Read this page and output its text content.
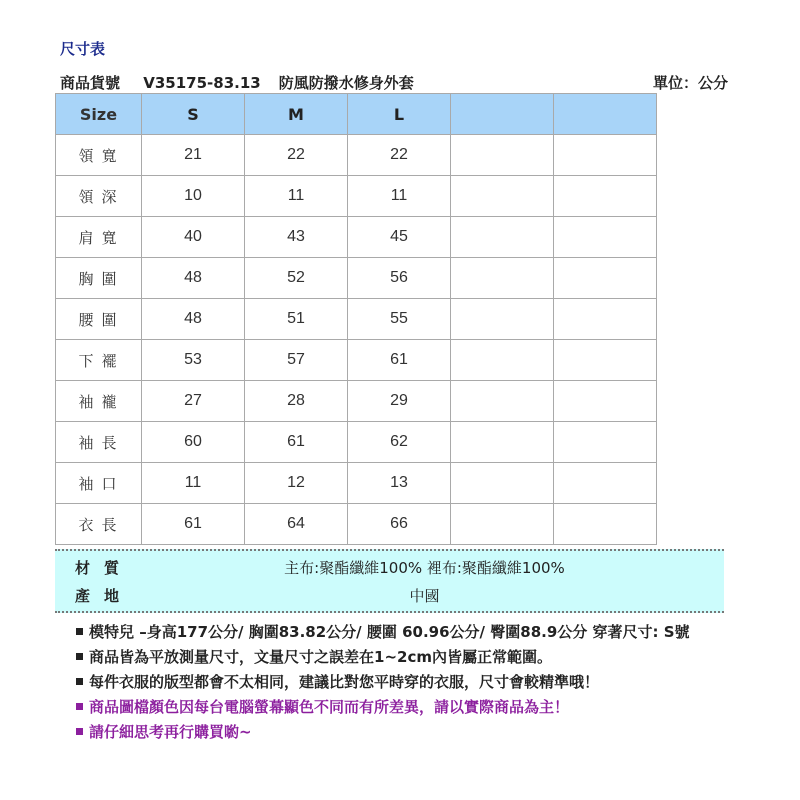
尺寸表
商品貨號 V35175-83.13 防風防撥水修身外套	單位：公分
Size	S	M	L		
領寬	21	22	22		
領深	10	11	11		
肩寬	40	43	45		
胸圍	48	52	56		
腰圍	48	51	55		
下襬	53	57	61		
袖襱	27	28	29		
袖長	60	61	62		
袖口	11	12	13		
衣長	61	64	66		
材質	主布:聚酯纖維100% 裡布:聚酯纖維100%
產地	中國
模特兒 –身高177公分/ 胸圍83.82公分/ 腰圍 60.96公分/ 臀圍88.9公分 穿著尺寸: S號
商品皆為平放測量尺寸，文量尺寸之誤差在1~2cm內皆屬正常範圍。
每件衣服的版型都會不太相同，建議比對您平時穿的衣服，尺寸會較精準哦！
商品圖檔顏色因每台電腦螢幕顯色不同而有所差異，請以實際商品為主！
請仔細思考再行購買喲~
